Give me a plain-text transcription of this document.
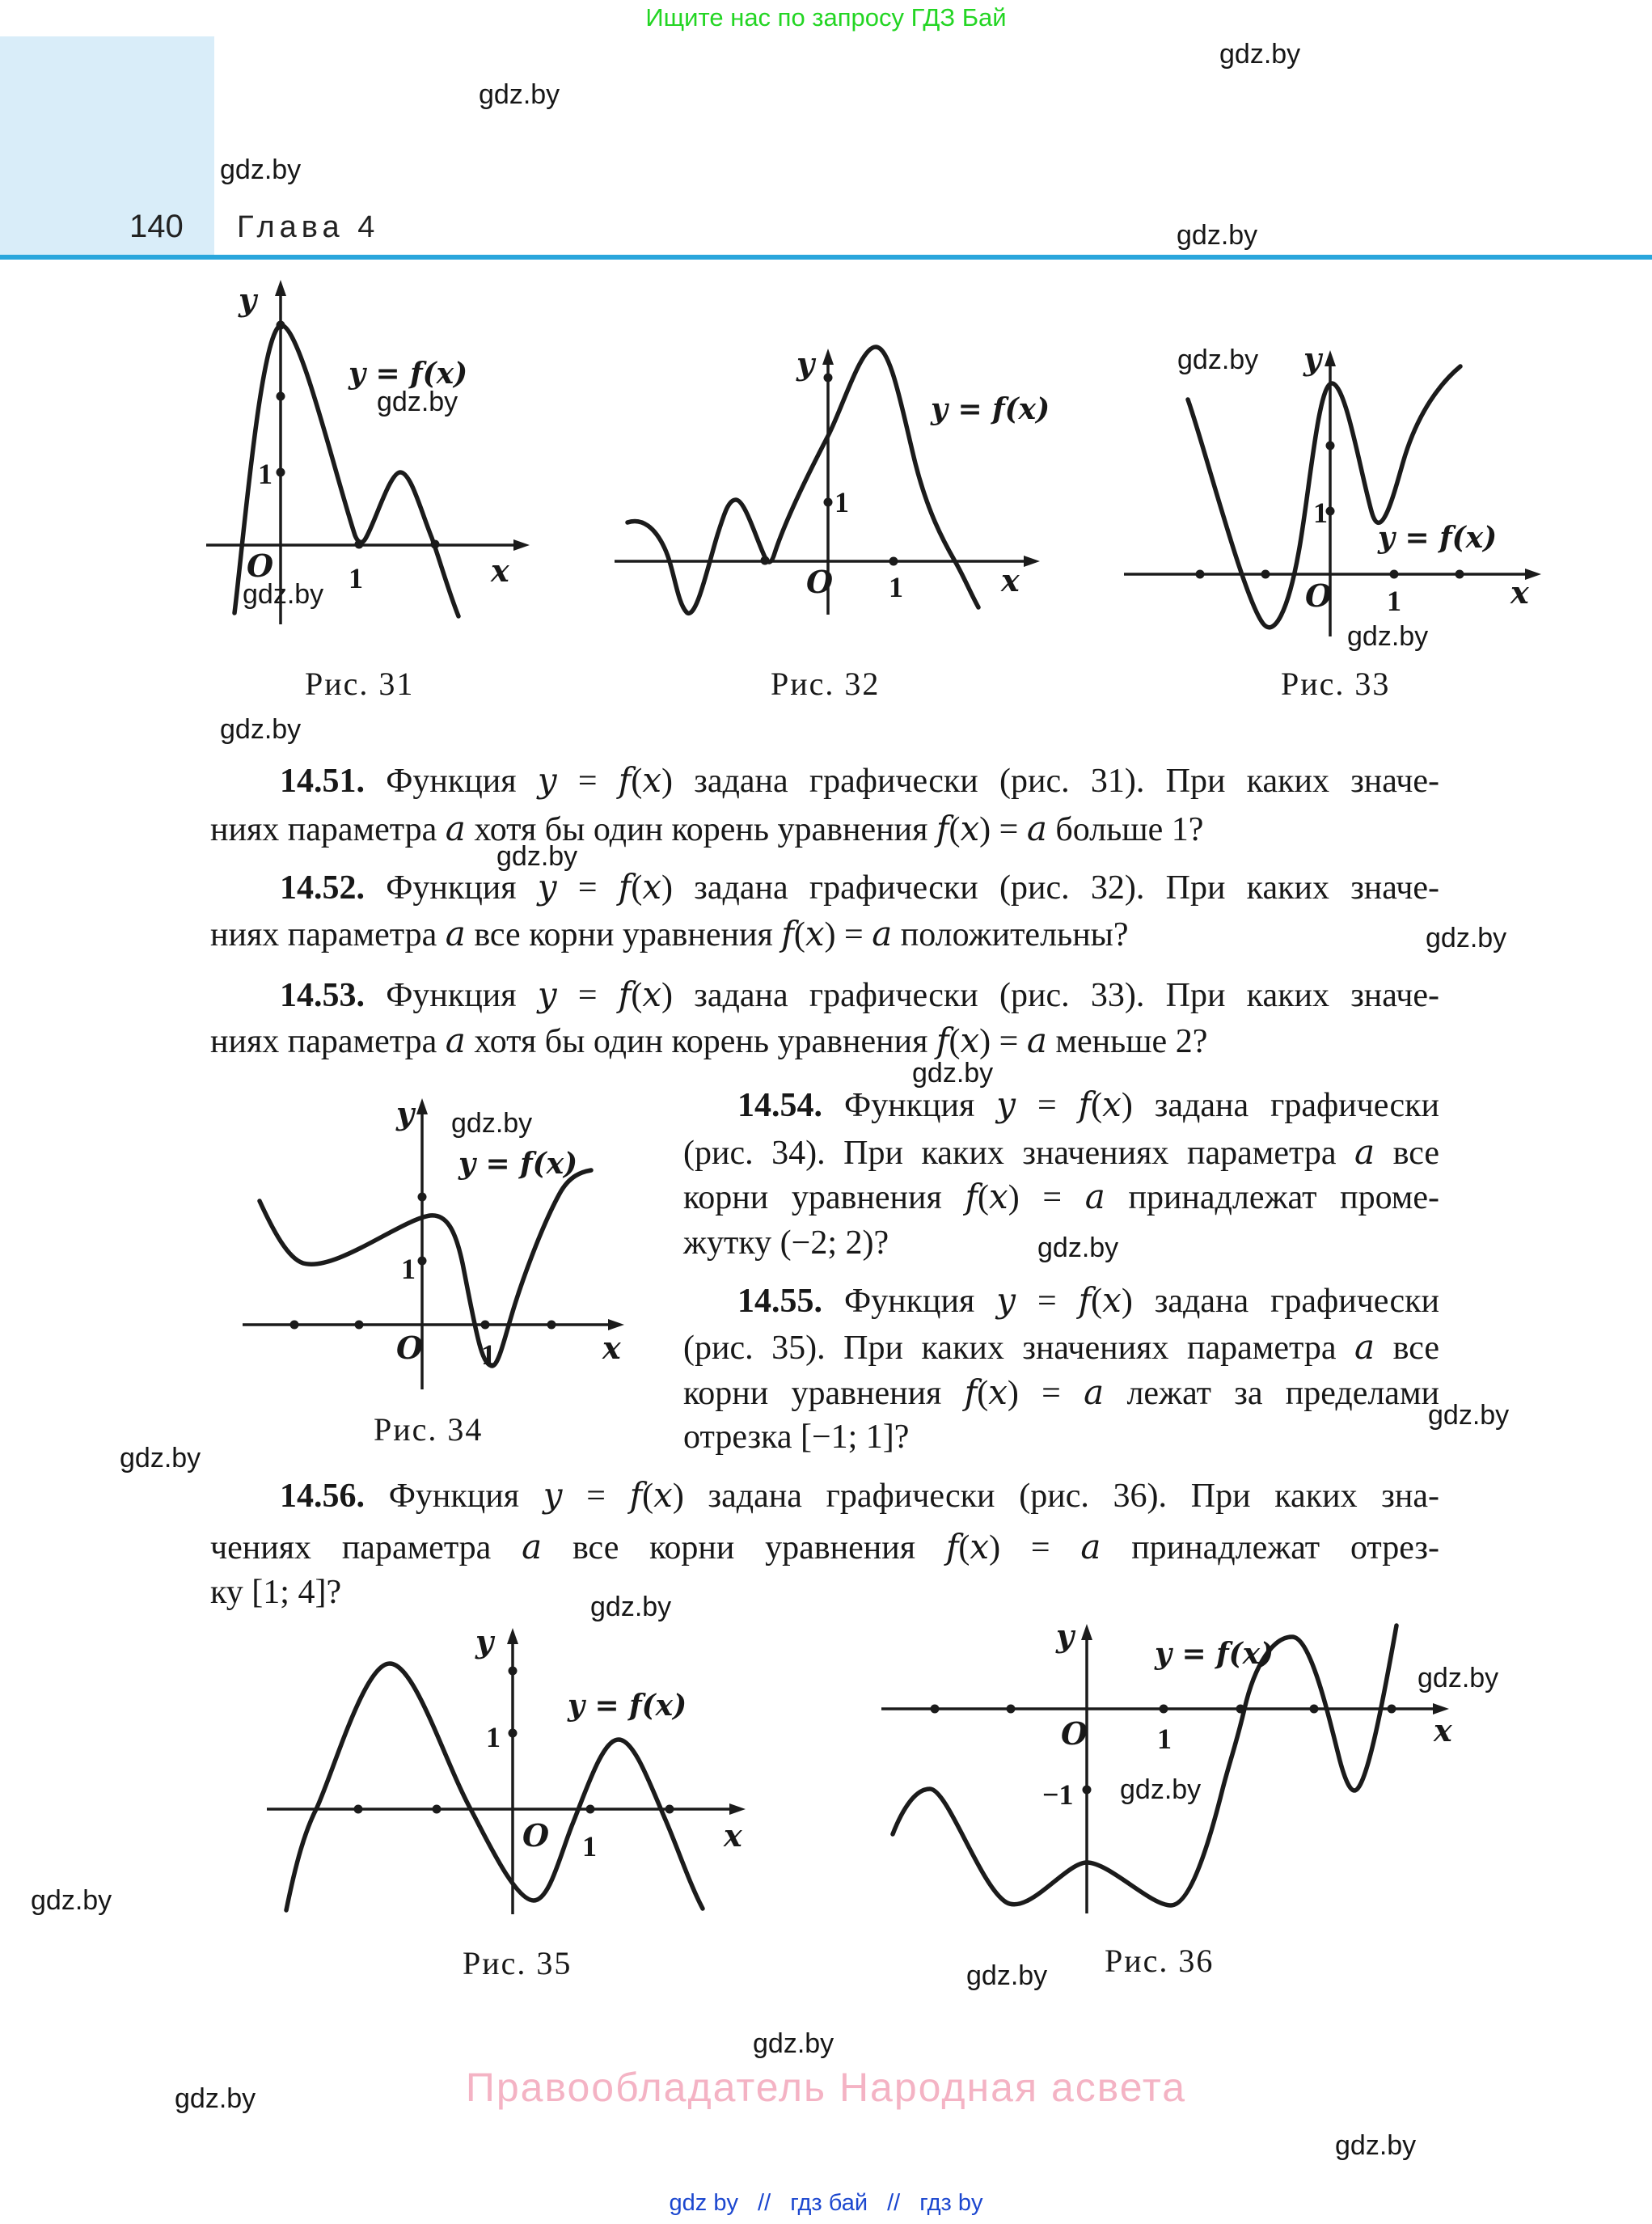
Ищите нас по запросу ГДЗ Бай
140 Глава 4
gdz.by
gdz.by
gdz.by
gdz.by
gdz.by
gdz.by
gdz.by
gdz.by
gdz.by
gdz.by
gdz.by
gdz.by
gdz.by
gdz.by
gdz.by
gdz.by
gdz.by
gdz.by
gdz.by
gdz.by
gdz.by
gdz.by
gdz.by
gdz.by
y
1
O	1	x
y = f(x)
Рис. 31
y
1
O 1	x
y = f(x)
Рис. 32
y
1
O 1	x
y = f(x)
Рис. 33
14.51. Функция y = f(x) задана графически (рис. 31). При каких значе-
ниях параметра a хотя бы один корень уравнения f(x) = a больше 1?
14.52. Функция y = f(x) задана графически (рис. 32). При каких значе-
ниях параметра a все корни уравнения f(x) = a положительны?
14.53. Функция y = f(x) задана графически (рис. 33). При каких значе-
ниях параметра a хотя бы один корень уравнения f(x) = a меньше 2?
y
1
O 1	x
y = f(x)
Рис. 34
14.54. Функция y = f(x) задана графически
(рис. 34). При каких значениях параметра a все
корни уравнения f(x) = a принадлежат проме-
жутку (−2; 2)?
14.55. Функция y = f(x) задана графически
(рис. 35). При каких значениях параметра a все
корни уравнения f(x) = a лежат за пределами
отрезка [−1; 1]?
14.56. Функция y = f(x) задана графически (рис. 36). При каких зна-
чениях параметра a все корни уравнения f(x) = a принадлежат отрез-
ку [1; 4]?
y
1
O 1	x
y = f(x)
Рис. 35
y
O 1	x
−1
y = f(x)
Рис. 36
Правообладатель Народная асвета
gdz by // гдз бай // гдз by
